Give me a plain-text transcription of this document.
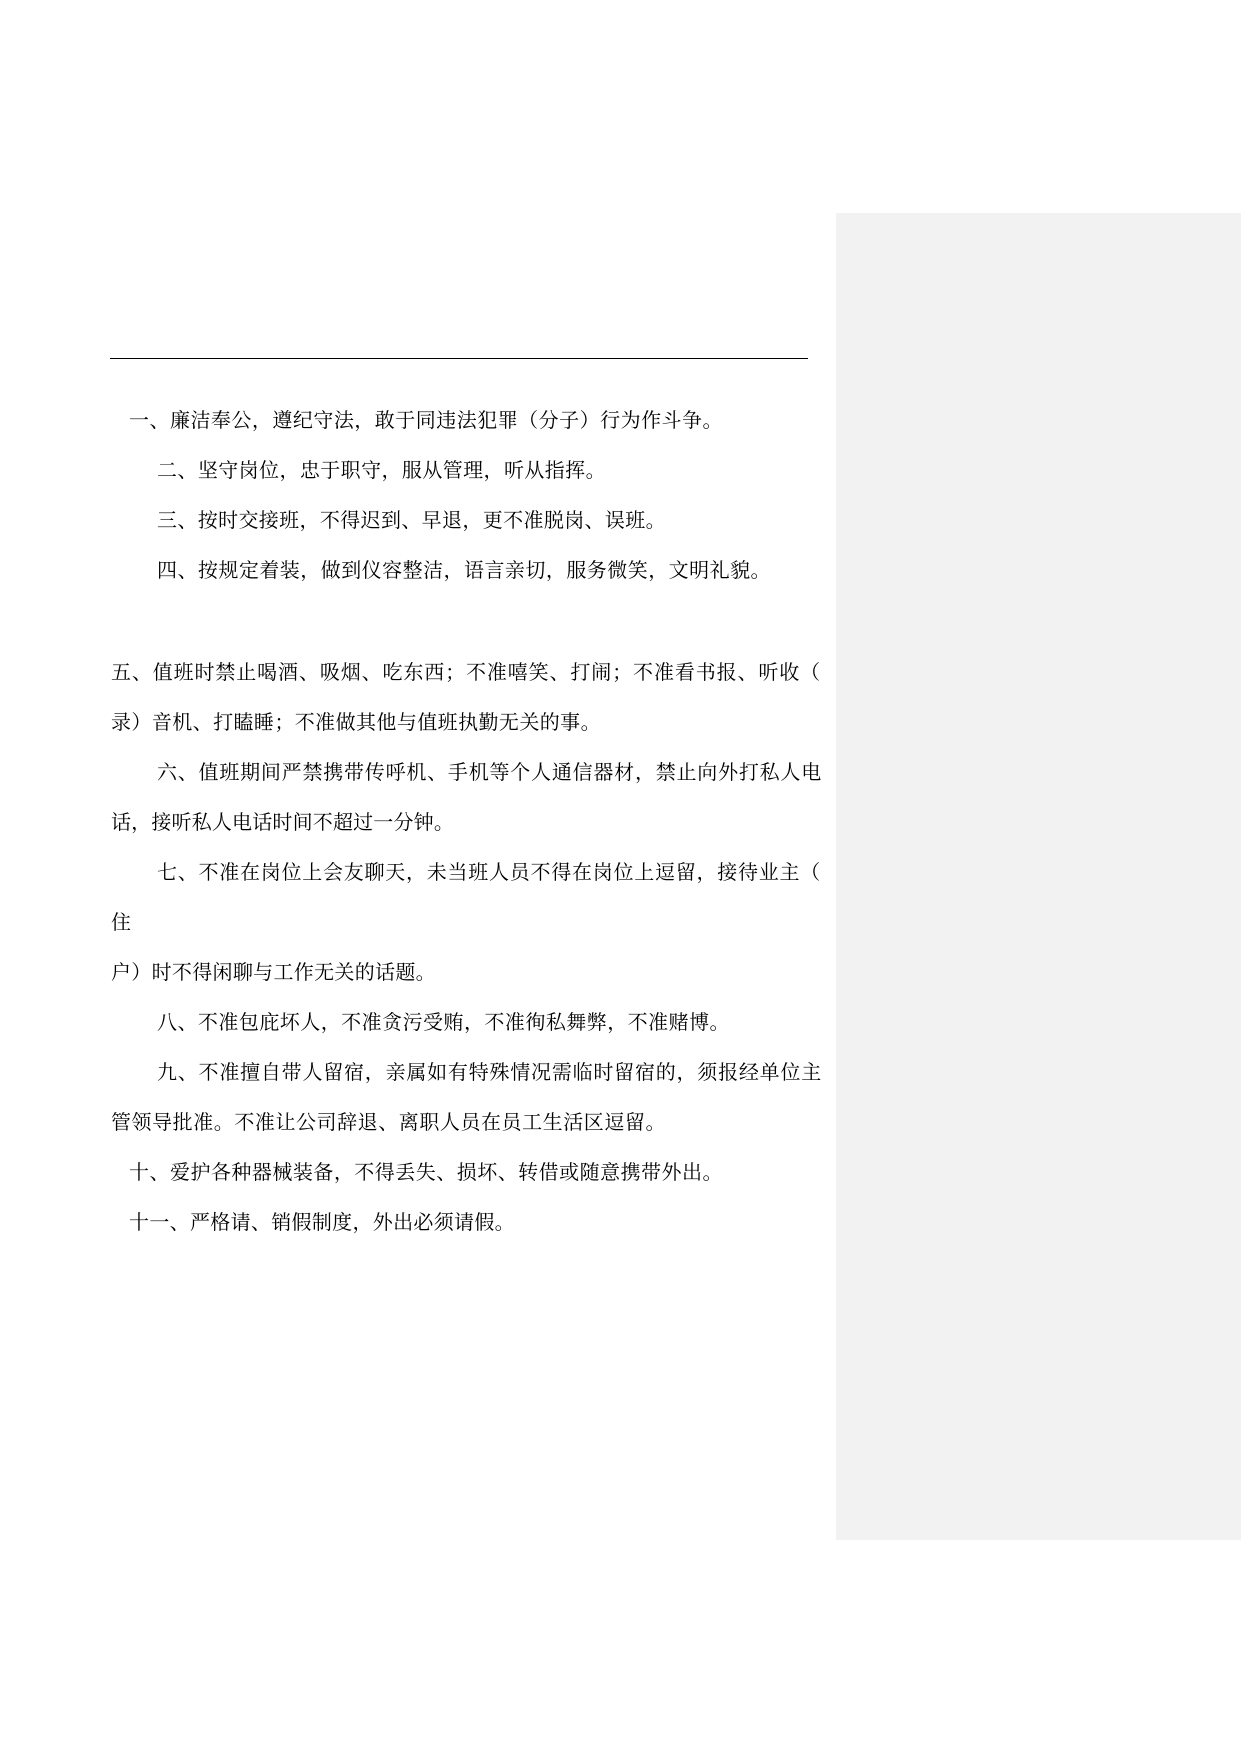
一、廉洁奉公，遵纪守法，敢于同违法犯罪（分子）行为作斗争。
二、坚守岗位，忠于职守，服从管理，听从指挥。
三、按时交接班，不得迟到、早退，更不准脱岗、误班。
四、按规定着装，做到仪容整洁，语言亲切，服务微笑，文明礼貌。
五、值班时禁止喝酒、吸烟、吃东西；不准嘻笑、打闹；不准看书报、听收（
录）音机、打瞌睡；不准做其他与值班执勤无关的事。
六、值班期间严禁携带传呼机、手机等个人通信器材，禁止向外打私人电
话，接听私人电话时间不超过一分钟。
七、不准在岗位上会友聊天，未当班人员不得在岗位上逗留，接待业主（
住
户）时不得闲聊与工作无关的话题。
八、不准包庇坏人，不准贪污受贿，不准徇私舞弊，不准赌博。
九、不准擅自带人留宿，亲属如有特殊情况需临时留宿的，须报经单位主
管领导批准。不准让公司辞退、离职人员在员工生活区逗留。
十、爱护各种器械装备，不得丢失、损坏、转借或随意携带外出。
十一、严格请、销假制度，外出必须请假。
